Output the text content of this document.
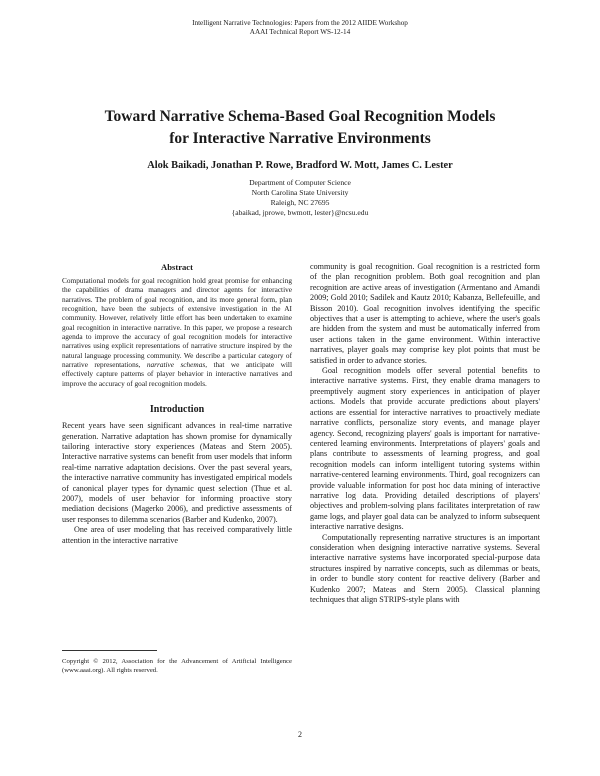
Intelligent Narrative Technologies: Papers from the 2012 AIIDE Workshop
AAAI Technical Report WS-12-14
Toward Narrative Schema-Based Goal Recognition Models
for Interactive Narrative Environments
Alok Baikadi, Jonathan P. Rowe, Bradford W. Mott, James C. Lester
Department of Computer Science
North Carolina State University
Raleigh, NC 27695
{abaikad, jprowe, bwmott, lester}@ncsu.edu
Abstract
Computational models for goal recognition hold great promise for enhancing the capabilities of drama managers and director agents for interactive narratives. The problem of goal recognition, and its more general form, plan recognition, have been the subjects of extensive investigation in the AI community. However, relatively little effort has been undertaken to examine goal recognition in interactive narrative. In this paper, we propose a research agenda to improve the accuracy of goal recognition models for interactive narratives using explicit representations of narrative structure inspired by the natural language processing community. We describe a particular category of narrative representations, narrative schemas, that we anticipate will effectively capture patterns of player behavior in interactive narratives and improve the accuracy of goal recognition models.
Introduction

Recent years have seen significant advances in real-time narrative generation. Narrative adaptation has shown promise for dynamically tailoring interactive story experiences (Mateas and Stern 2005). Interactive narrative systems can benefit from user models that inform real-time narrative adaptation decisions. Over the past several years, the interactive narrative community has investigated empirical models of canonical player types for dynamic quest selection (Thue et al. 2007), models of user behavior for informing proactive story mediation decisions (Magerko 2006), and predictive assessments of user responses to dilemma scenarios (Barber and Kudenko, 2007).

One area of user modeling that has received comparatively little attention in the interactive narrative

Copyright © 2012, Association for the Advancement of Artificial Intelligence (www.aaai.org). All rights reserved.

community is goal recognition. Goal recognition is a restricted form of the plan recognition problem. Both goal recognition and plan recognition are active areas of investigation (Armentano and Amandi 2009; Gold 2010; Sadilek and Kautz 2010; Kabanza, Bellefeuille, and Bisson 2010). Goal recognition involves identifying the specific objectives that a user is attempting to achieve, where the user's goals are hidden from the system and must be automatically inferred from user actions taken in the game environment. Within interactive narratives, player goals may comprise key plot points that must be satisfied in order to advance stories.

Goal recognition models offer several potential benefits to interactive narrative systems. First, they enable drama managers to preemptively augment story experiences in anticipation of player actions. Models that provide accurate predictions about players' actions are essential for interactive narratives to proactively mediate narrative conflicts, personalize story events, and manage player agency. Second, recognizing players' goals is important for narrative-centered learning environments. Interpretations of players' goals and plans contribute to assessments of learning progress, and goal recognition models can inform intelligent tutoring systems within narrative-centered learning environments. Third, goal recognizers can provide valuable information for post hoc data mining of interactive narrative log data. Providing detailed descriptions of players' objectives and problem-solving plans facilitates interpretation of raw game logs, and player goal data can be analyzed to inform subsequent interactive narrative designs.

Computationally representing narrative structures is an important consideration when designing interactive narrative systems. Several interactive narrative systems have incorporated special-purpose data structures inspired by narrative concepts, such as dilemmas or beats, in order to bundle story content for reactive delivery (Barber and Kudenko 2007; Mateas and Stern 2005). Classical planning techniques that align STRIPS-style plans with

2
